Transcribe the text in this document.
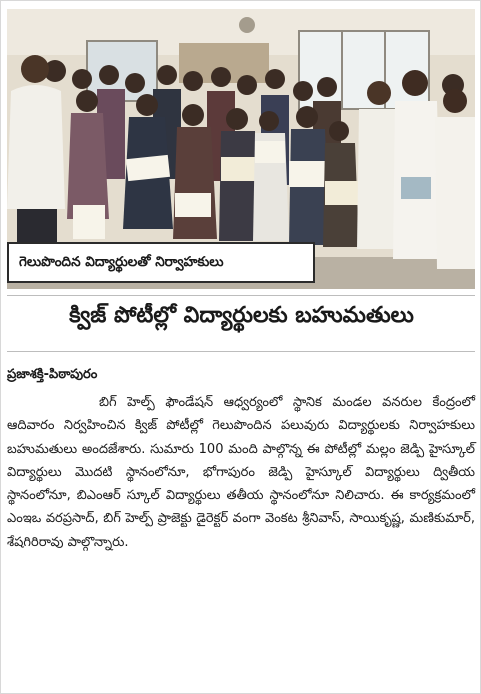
గెలుపొందిన విద్యార్థులతో నిర్వాహకులు
క్విజ్ పోటీల్లో విద్యార్థులకు బహుమతులు
ప్రజాశక్తి-పిఠాపురం

బిగ్ హెల్ప్ ఫౌండేషన్ ఆధ్వర్యంలో స్థానిక మండల వనరుల కేంద్రంలో ఆదివారం నిర్వహించిన క్విజ్ పోటీల్లో గెలుపొందిన పలువురు విద్యార్థులకు నిర్వాహకులు బహుమతులు అందజేశారు. సుమారు 100 మంది పాల్గొన్న ఈ పోటీల్లో మల్లం జెడ్పి హైస్కూల్ విద్యార్థులు మొదటి స్థానంలోనూ, భోగాపురం జెడ్పి హైస్కూల్ విద్యార్థులు ద్వితీయ స్థానంలోనూ, బిఎంఆర్ స్కూల్ విద్యార్థులు తతీయ స్థానంలోనూ నిలిచారు. ఈ కార్యక్రమంలో ఎంఇఒ వరప్రసాద్, బిగ్ హెల్ప్ ప్రాజెక్టు డైరెక్టర్ వంగా వెంకట శ్రీనివాస్, సాయికృష్ణ, మణికుమార్, శేషగిరిరావు పాల్గొన్నారు.
